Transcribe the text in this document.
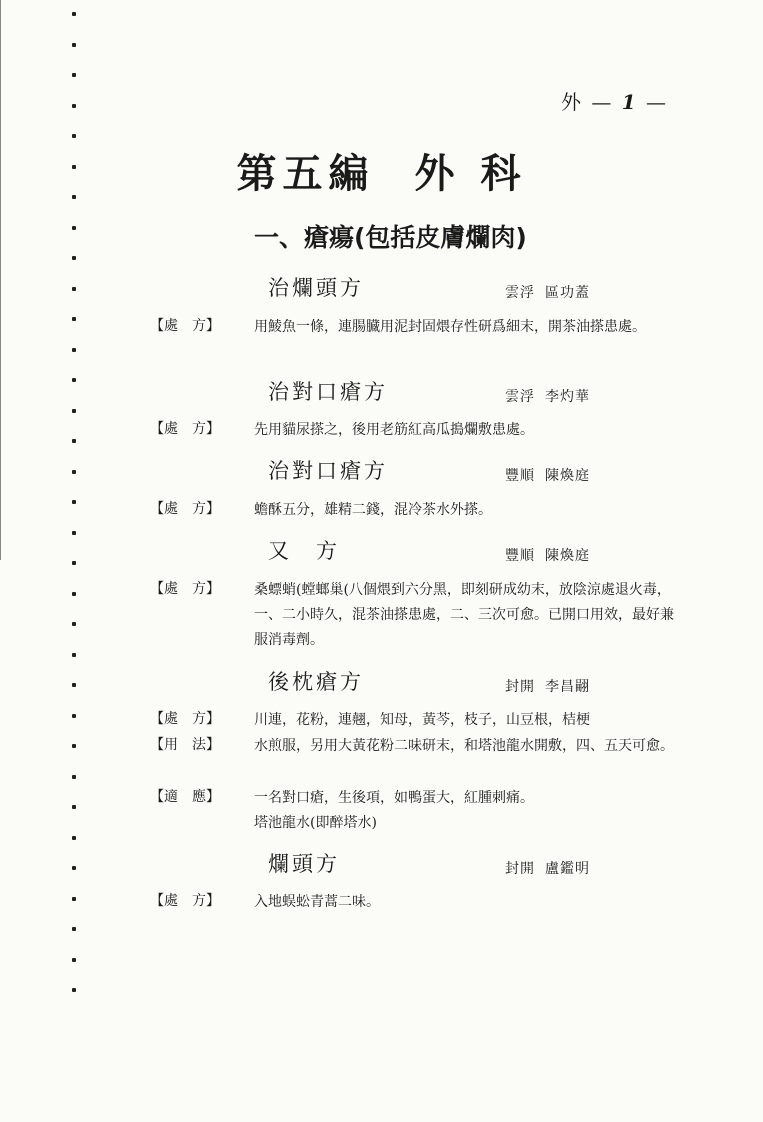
外 — 1 —
第五編 外 科
一、瘡瘍(包括皮膚爛肉)
治爛頭方	雲浮 區功蓋
【處　方】	用鯪魚一條，連腸臓用泥封固煨存性研爲細末，開茶油搽患處。
治對口瘡方	雲浮 李灼華
【處　方】	先用貓尿搽之，後用老筋紅高瓜搗爛敷患處。
治對口瘡方	豐順 陳煥庭
【處　方】	蟾酥五分，雄精二錢，混冷茶水外搽。
又　方	豐順 陳煥庭
【處　方】	桑螵蛸(螳螂巢(八個煨到六分黑，即刻研成幼末，放陰涼處退火毒，一、二小時久，混茶油搽患處，二、三次可愈。已開口用效，最好兼服消毒劑。
後枕瘡方	封開 李昌翤
【處　方】	川連，花粉，連翹，知母，黃芩，枝子，山豆根，桔梗
【用　法】	水煎服，另用大黃花粉二味研末，和塔池龍水開敷，四、五天可愈。
【適　應】	一名對口瘡，生後項，如鴨蛋大，紅腫刺痛。
塔池龍水(即醉塔水)
爛頭方	封開 盧鑑明
【處　方】	入地蜈蚣青蒿二味。
